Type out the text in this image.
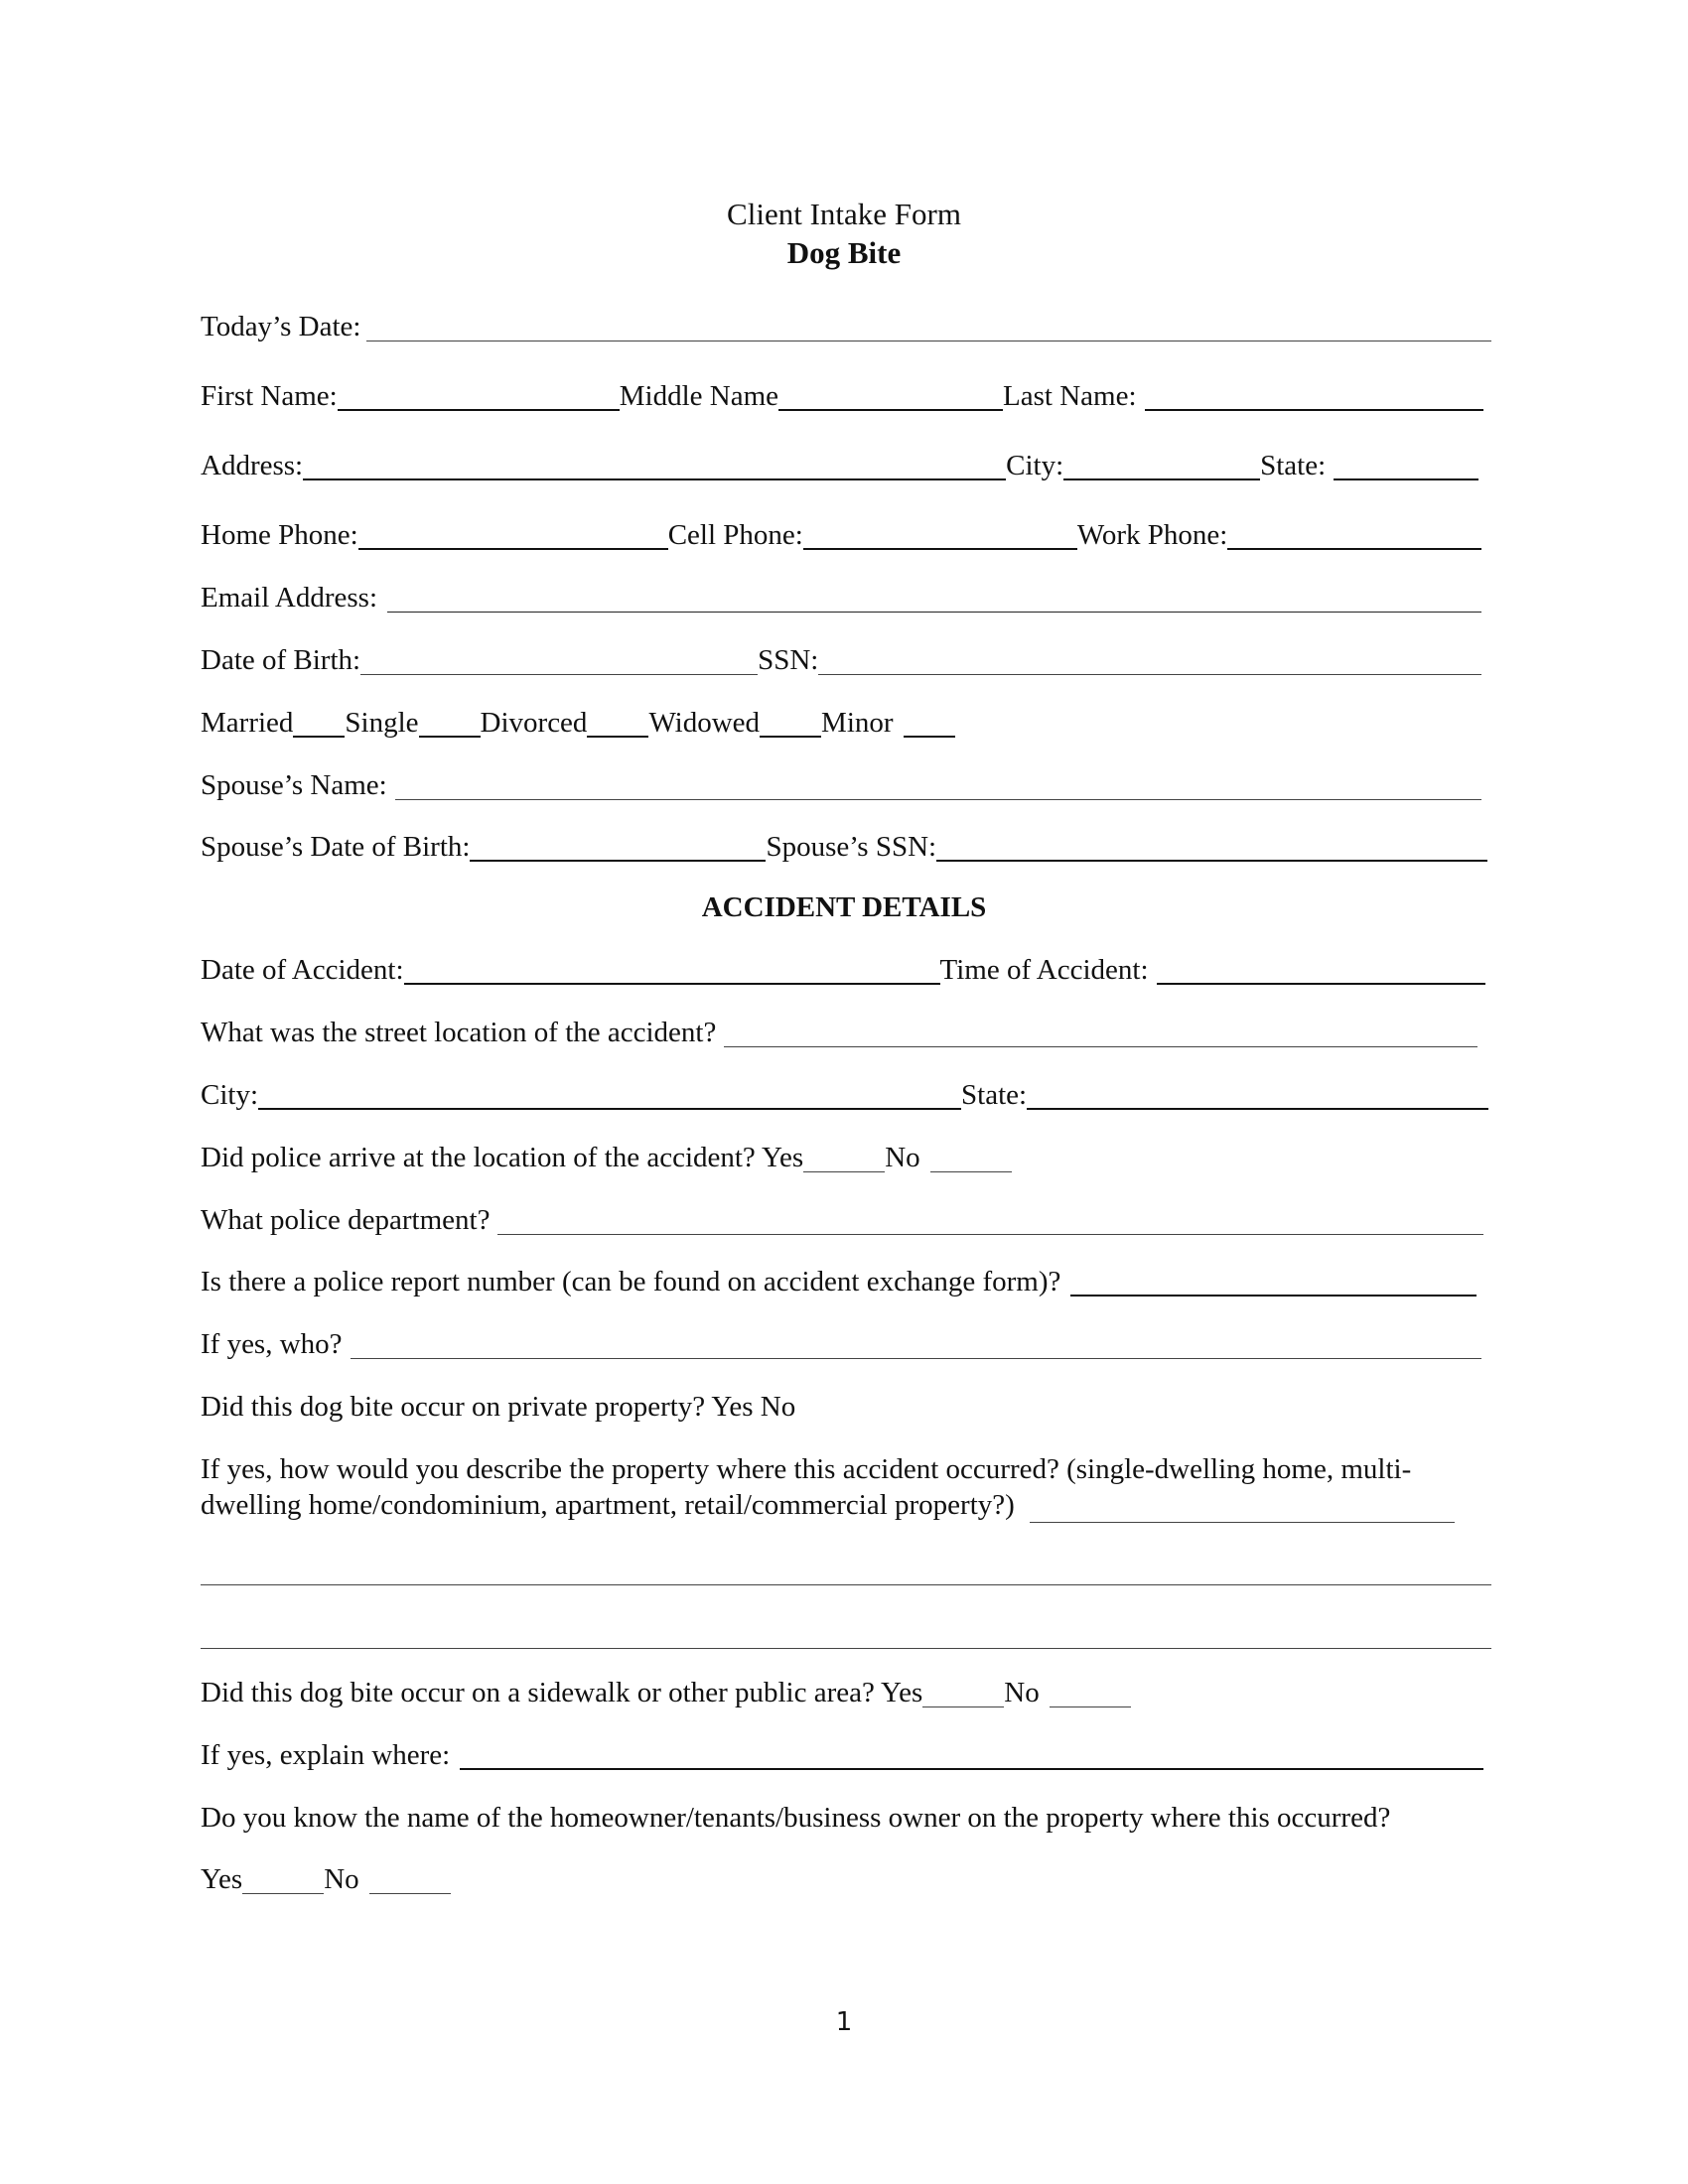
Client Intake Form
Dog Bite
Today’s Date:
First Name:	Middle Name	Last Name:
Address:	City:	State:
Home Phone:	Cell Phone:	Work Phone:
Email Address:
Date of Birth:	SSN:
Married Single Divorced Widowed Minor
Spouse’s Name:
Spouse’s Date of Birth:	Spouse’s SSN:
ACCIDENT DETAILS
Date of Accident:	Time of Accident:
What was the street location of the accident?
City:	State:
Did police arrive at the location of the accident? Yes	No
What police department?
Is there a police report number (can be found on accident exchange form)?
If yes, who?
Did this dog bite occur on private property? Yes No
If yes, how would you describe the property where this accident occurred? (single-dwelling home, multi-dwelling home/condominium, apartment, retail/commercial property?)
Did this dog bite occur on a sidewalk or other public area? Yes	No
If yes, explain where:
Do you know the name of the homeowner/tenants/business owner on the property where this occurred?
Yes	No
1
